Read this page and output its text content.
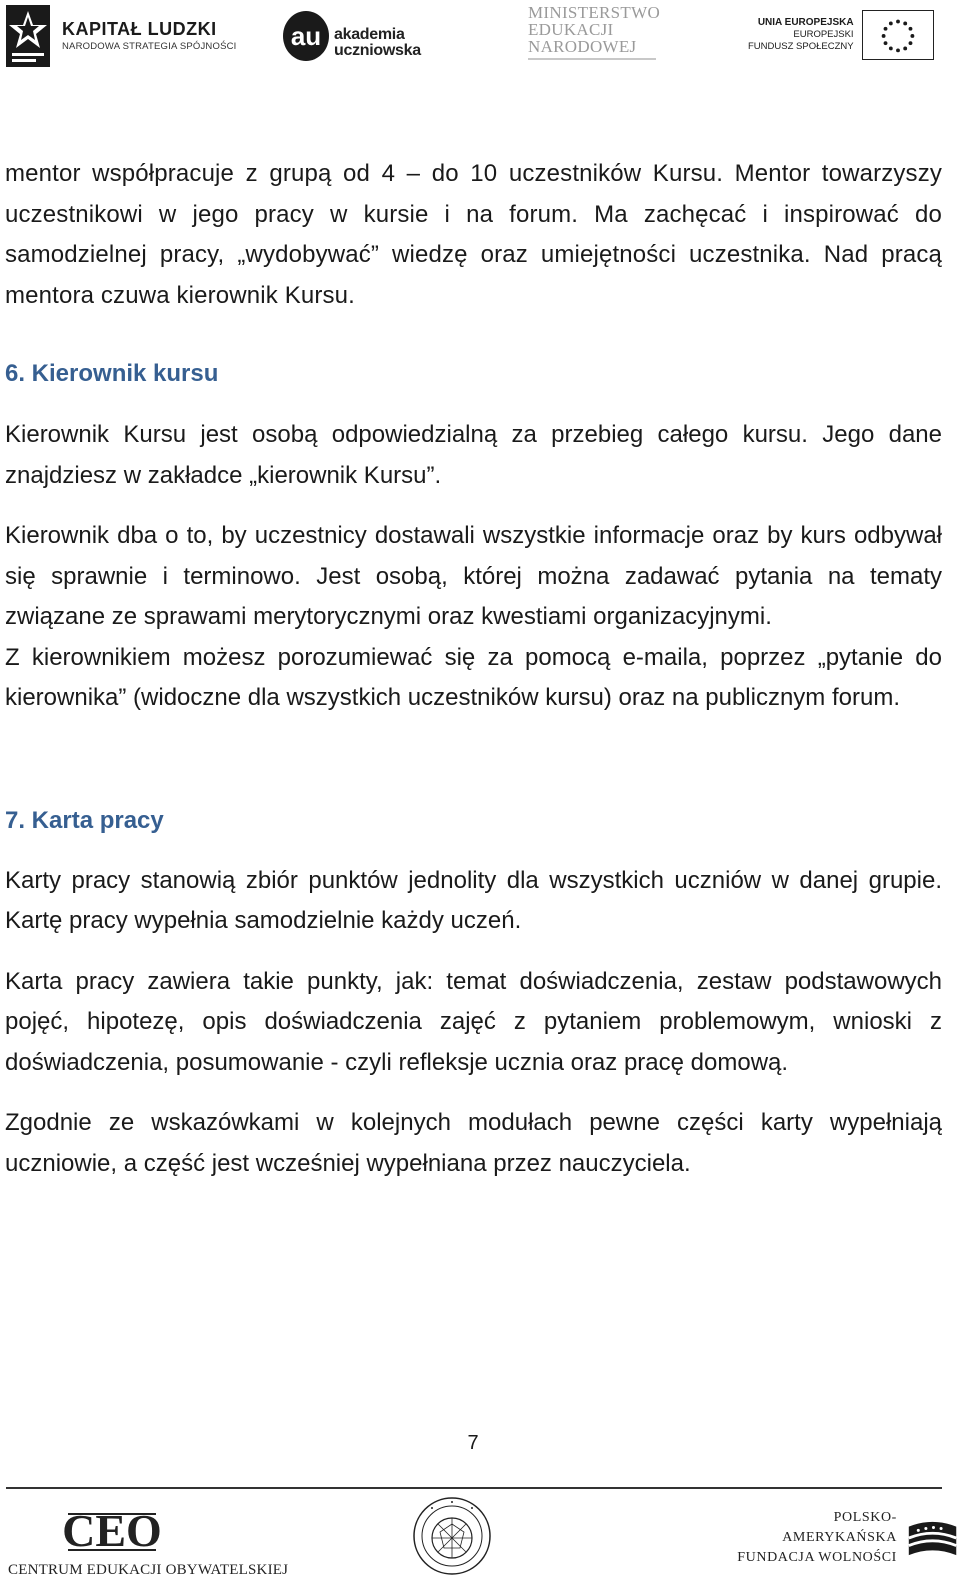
KAPITAŁ LUDZKI
NARODOWA STRATEGIA SPÓJNOŚCI au akademia
uczniowska
MINISTERSTWO
EDUKACJI
NARODOWEJ
UNIA EUROPEJSKA
EUROPEJSKI
FUNDUSZ SPOŁECZNY

mentor współpracuje z grupą od 4 – do 10 uczestników Kursu. Mentor towarzyszy uczestnikowi w jego pracy w kursie i na forum. Ma zachęcać i inspirować do samodzielnej pracy, „wydobywać” wiedzę oraz umiejętności uczestnika. Nad pracą mentora czuwa kierownik Kursu.

6. Kierownik kursu

Kierownik Kursu jest osobą odpowiedzialną za przebieg całego kursu. Jego dane znajdziesz w zakładce „kierownik Kursu”.

Kierownik dba o to, by uczestnicy dostawali wszystkie informacje oraz by kurs odbywał się sprawnie i terminowo. Jest osobą, której można zadawać pytania na tematy związane ze sprawami merytorycznymi oraz kwestiami organizacyjnymi.

Z kierownikiem możesz porozumiewać się za pomocą e-maila, poprzez „pytanie do kierownika” (widoczne dla wszystkich uczestników kursu) oraz na publicznym forum.

7. Karta pracy

Karty pracy stanowią zbiór punktów jednolity dla wszystkich uczniów w danej grupie. Kartę pracy wypełnia samodzielnie każdy uczeń.

Karta pracy zawiera takie punkty, jak: temat doświadczenia, zestaw podstawowych pojęć, hipotezę, opis doświadczenia zajęć z pytaniem problemowym, wnioski z doświadczenia, posumowanie - czyli refleksje ucznia oraz pracę domową.

Zgodnie ze wskazówkami w kolejnych modułach pewne części karty wypełniają uczniowie, a część jest wcześniej wypełniana przez nauczyciela.

7
CEO
CENTRUM EDUKACJI OBYWATELSKIEJ
POLSKO-AMERYKAŃSKA
FUNDACJA WOLNOŚCI
